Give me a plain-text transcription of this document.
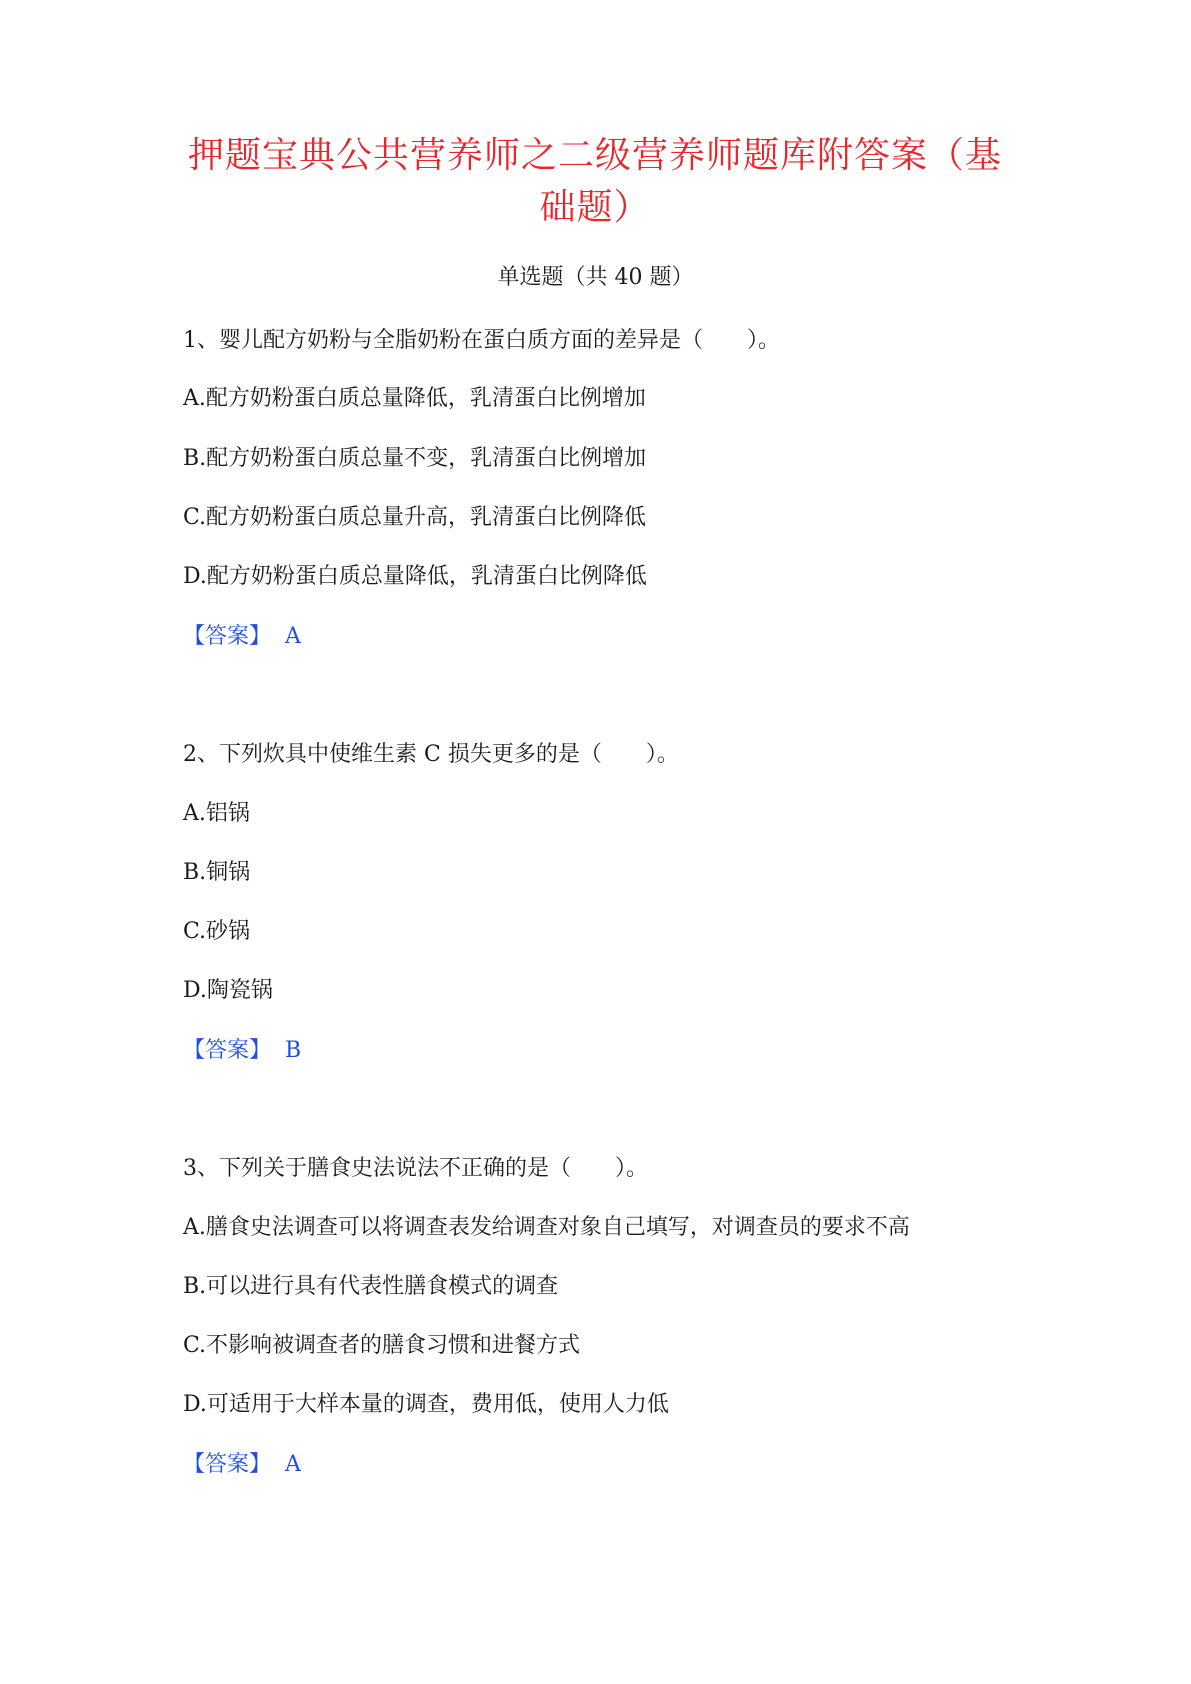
押题宝典公共营养师之二级营养师题库附答案（基础题）
单选题（共 40 题）
1、婴儿配方奶粉与全脂奶粉在蛋白质方面的差异是（　　）。
A.配方奶粉蛋白质总量降低，乳清蛋白比例增加
B.配方奶粉蛋白质总量不变，乳清蛋白比例增加
C.配方奶粉蛋白质总量升高，乳清蛋白比例降低
D.配方奶粉蛋白质总量降低，乳清蛋白比例降低
【答案】 A
2、下列炊具中使维生素 C 损失更多的是（　　）。
A.铝锅
B.铜锅
C.砂锅
D.陶瓷锅
【答案】 B
3、下列关于膳食史法说法不正确的是（　　）。
A.膳食史法调查可以将调查表发给调查对象自己填写，对调查员的要求不高
B.可以进行具有代表性膳食模式的调查
C.不影响被调查者的膳食习惯和进餐方式
D.可适用于大样本量的调查，费用低，使用人力低
【答案】 A
